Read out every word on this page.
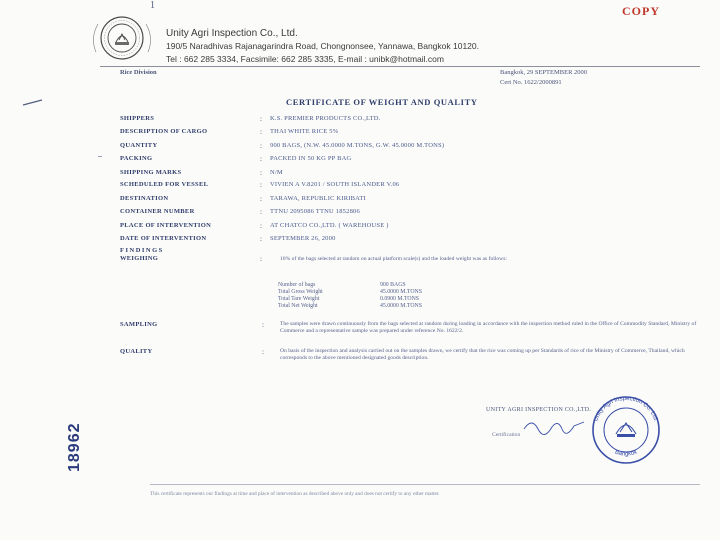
1
Unity Agri Inspection Co., Ltd.
190/5 Naradhivas Rajanagarindra Road, Chongnonsee, Yannawa, Bangkok 10120.
Tel : 662 285 3334, Facsimile: 662 285 3335, E-mail : unibk@hotmail.com
COPY
Rice Division	Bangkok, 29 SEPTEMBER 2000
Cert No. 1622/2000891
CERTIFICATE OF WEIGHT AND QUALITY
SHIPPERS	: K.S. PREMIER PRODUCTS CO.,LTD.
DESCRIPTION OF CARGO	: THAI WHITE RICE 5%
QUANTITY	: 900 BAGS, (N.W. 45.0000 M.TONS, G.W. 45.0000 M.TONS)
PACKING	: PACKED IN 50 KG PP BAG
SHIPPING MARKS	: N/M
SCHEDULED FOR VESSEL	: VIVIEN A V.8201 / SOUTH ISLANDER V.06
DESTINATION	: TARAWA, REPUBLIC KIRIBATI
CONTAINER NUMBER	: TTNU 2095086 TTNU 1852806
PLACE OF INTERVENTION	: AT CHATCO CO.,LTD. ( WAREHOUSE )
DATE OF INTERVENTION	: SEPTEMBER 26, 2000
FINDINGS
WEIGHING	:	10% of the bags selected at random on actual platform scale(s) and the loaded weight was as follows:
Number of bags	900 BAGS
Total Gross Weight	45.0000 M.TONS
Total Tare Weight	0.0900 M.TONS
Total Net Weight	45.0000 M.TONS
SAMPLING	:	The samples were drawn continuously from the bags selected at random during loading in accordance with the inspection method ruled in the Office of Commodity Standard, Ministry of Commerce and a representative sample was prepared under reference No. 1622/2.
QUALITY	:	On basis of the inspection and analysis carried out on the samples drawn, we certify that the rice was coming up per Standards of rice of the Ministry of Commerce, Thailand, which corresponds to the above mentioned designated goods description.
UNITY AGRI INSPECTION CO.,LTD.
Certification
Unity Agri Inspection Co. Ltd.
Bangkok
18962
This certificate represents our findings at time and place of intervention as described above only and does not certify to any other matter.
